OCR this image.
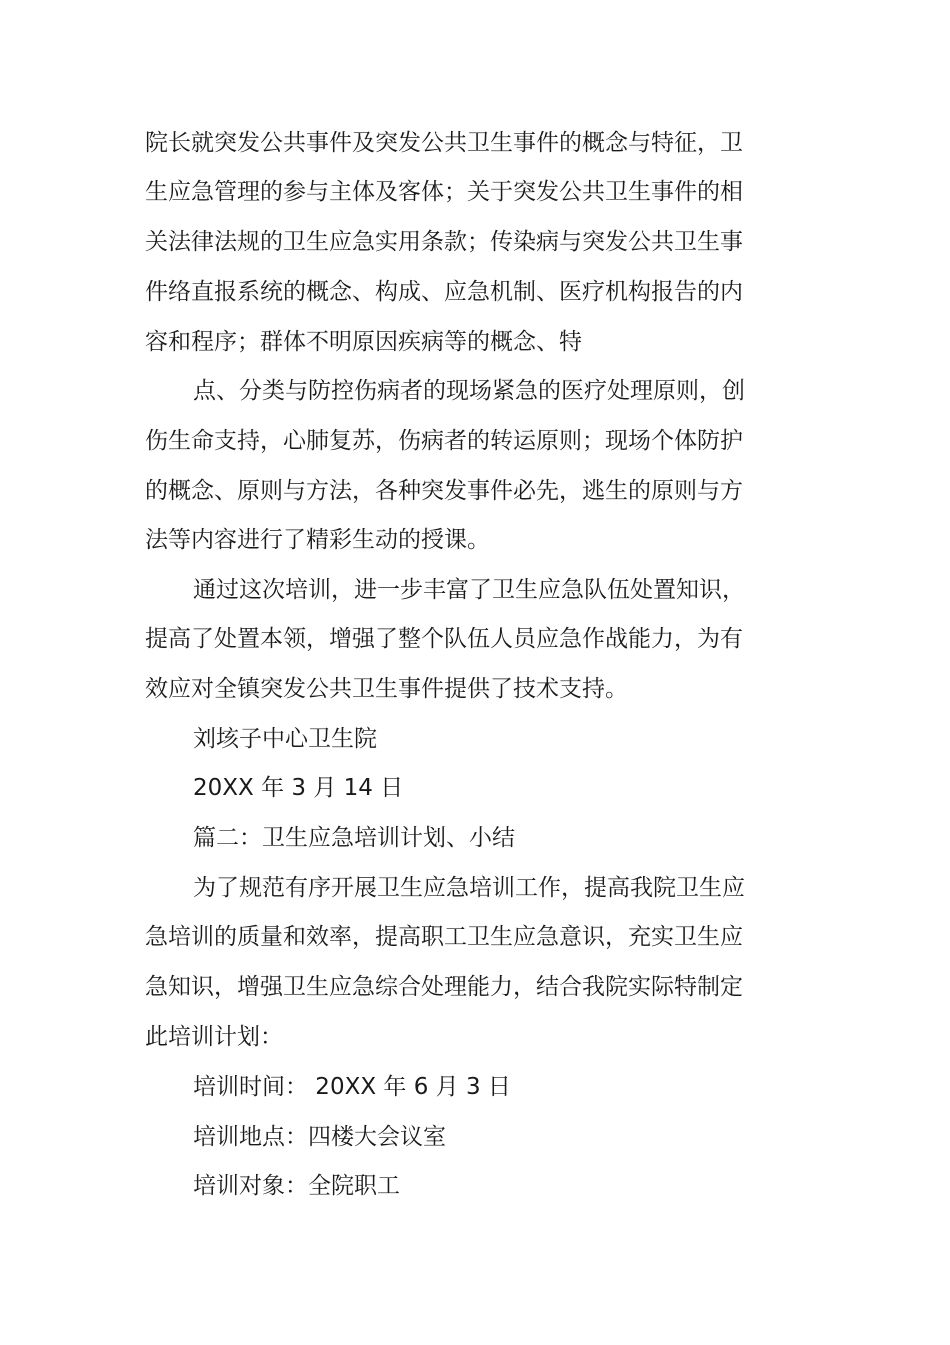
院长就突发公共事件及突发公共卫生事件的概念与特征，卫
生应急管理的参与主体及客体；关于突发公共卫生事件的相
关法律法规的卫生应急实用条款；传染病与突发公共卫生事
件络直报系统的概念、构成、应急机制、医疗机构报告的内
容和程序；群体不明原因疾病等的概念、特
点、分类与防控伤病者的现场紧急的医疗处理原则，创
伤生命支持，心肺复苏，伤病者的转运原则；现场个体防护
的概念、原则与方法，各种突发事件必先，逃生的原则与方
法等内容进行了精彩生动的授课。
通过这次培训，进一步丰富了卫生应急队伍处置知识，
提高了处置本领，增强了整个队伍人员应急作战能力，为有
效应对全镇突发公共卫生事件提供了技术支持。
刘垓子中心卫生院
20XX 年 3 月 14 日
篇二：卫生应急培训计划、小结
为了规范有序开展卫生应急培训工作，提高我院卫生应
急培训的质量和效率，提高职工卫生应急意识，充实卫生应
急知识，增强卫生应急综合处理能力，结合我院实际特制定
此培训计划：
培训时间： 20XX 年 6 月 3 日
培训地点：四楼大会议室
培训对象：全院职工
